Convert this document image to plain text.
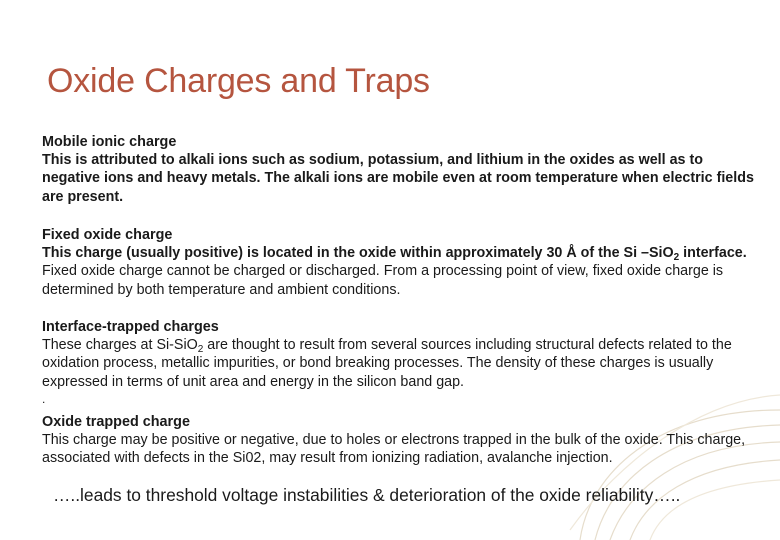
Oxide Charges and Traps
Mobile ionic charge
This is attributed to alkali ions such as sodium, potassium, and lithium in the oxides as well as to negative ions and heavy metals. The alkali ions are mobile even at room temperature when electric fields are present.
Fixed oxide charge
This charge (usually positive) is located in the oxide within approximately 30 Å of the Si –SiO$_2$ interface.
Fixed oxide charge cannot be charged or discharged. From a processing point of view, fixed oxide charge is determined by both temperature and ambient conditions.
Interface-trapped charges
These charges at Si-SiO$_2$ are thought to result from several sources including structural defects related to the oxidation process, metallic impurities, or bond breaking processes. The density of these charges is usually expressed in terms of unit area and energy in the silicon band gap.
.
Oxide trapped charge
This charge may be positive or negative, due to holes or electrons trapped in the bulk of the oxide. This charge, associated with defects in the Si02, may result from ionizing radiation, avalanche injection.

…..leads to threshold voltage instabilities & deterioration of the oxide reliability…..
